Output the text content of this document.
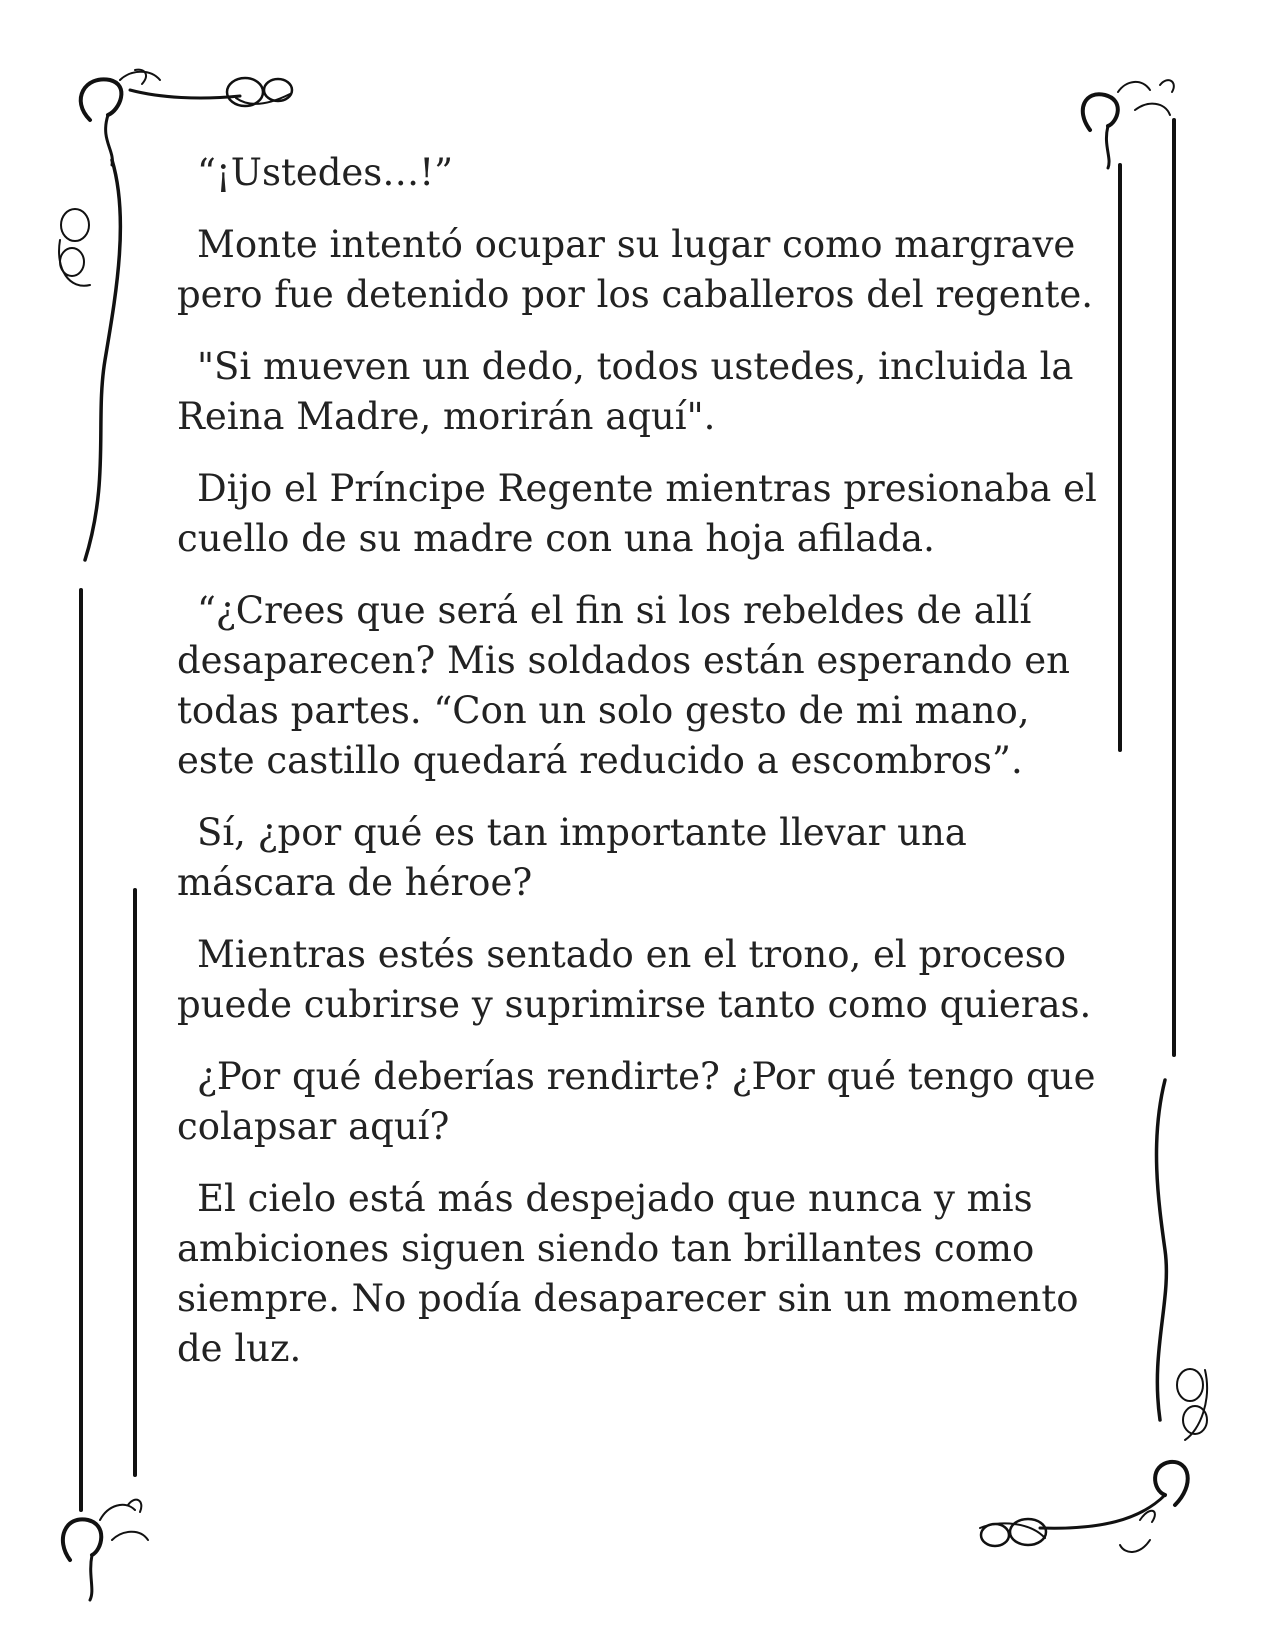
“¡Ustedes…!”

Monte intentó ocupar su lugar como margrave pero fue detenido por los caballeros del regente.

"Si mueven un dedo, todos ustedes, incluida la Reina Madre, morirán aquí".

Dijo el Príncipe Regente mientras presionaba el cuello de su madre con una hoja afilada.

“¿Crees que será el fin si los rebeldes de allí desaparecen? Mis soldados están esperando en todas partes. “Con un solo gesto de mi mano, este castillo quedará reducido a escombros”.

Sí, ¿por qué es tan importante llevar una máscara de héroe?

Mientras estés sentado en el trono, el proceso puede cubrirse y suprimirse tanto como quieras.

¿Por qué deberías rendirte? ¿Por qué tengo que colapsar aquí?

El cielo está más despejado que nunca y mis ambiciones siguen siendo tan brillantes como siempre. No podía desaparecer sin un momento de luz.
